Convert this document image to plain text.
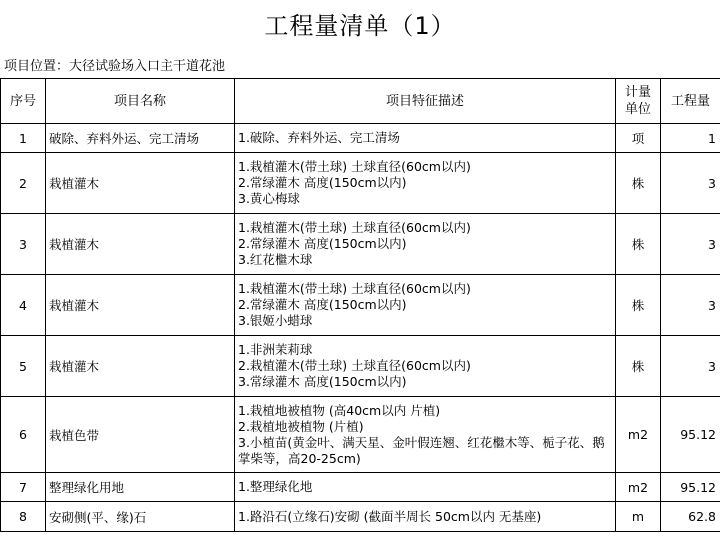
工程量清单（1）
项目位置：大径试验场入口主干道花池
序号	项目名称	项目特征描述	计量单位	工程量
1	破除、弃料外运、完工清场	1.破除、弃料外运、完工清场	项	1
2	栽植灌木	1.栽植灌木(带土球) 土球直径(60cm以内)
2.常绿灌木 高度(150cm以内)
3.黄心梅球	株	3
3	栽植灌木	1.栽植灌木(带土球) 土球直径(60cm以内)
2.常绿灌木 高度(150cm以内)
3.红花檵木球	株	3
4	栽植灌木	1.栽植灌木(带土球) 土球直径(60cm以内)
2.常绿灌木 高度(150cm以内)
3.银姬小蜡球	株	3
5	栽植灌木	1.非洲茉莉球
2.栽植灌木(带土球) 土球直径(60cm以内)
3.常绿灌木 高度(150cm以内)	株	3
6	栽植色带	1.栽植地被植物 (高40cm以内 片植)
2.栽植地被植物 (片植)
3.小植苗(黄金叶、满天星、金叶假连翘、红花檵木等、栀子花、鹅掌柴等，高20-25cm)	m2	95.12
7	整理绿化用地	1.整理绿化地	m2	95.12
8	安砌侧(平、缘)石	1.路沿石(立缘石)安砌 (截面半周长 50cm以内 无基座)	m	62.8
